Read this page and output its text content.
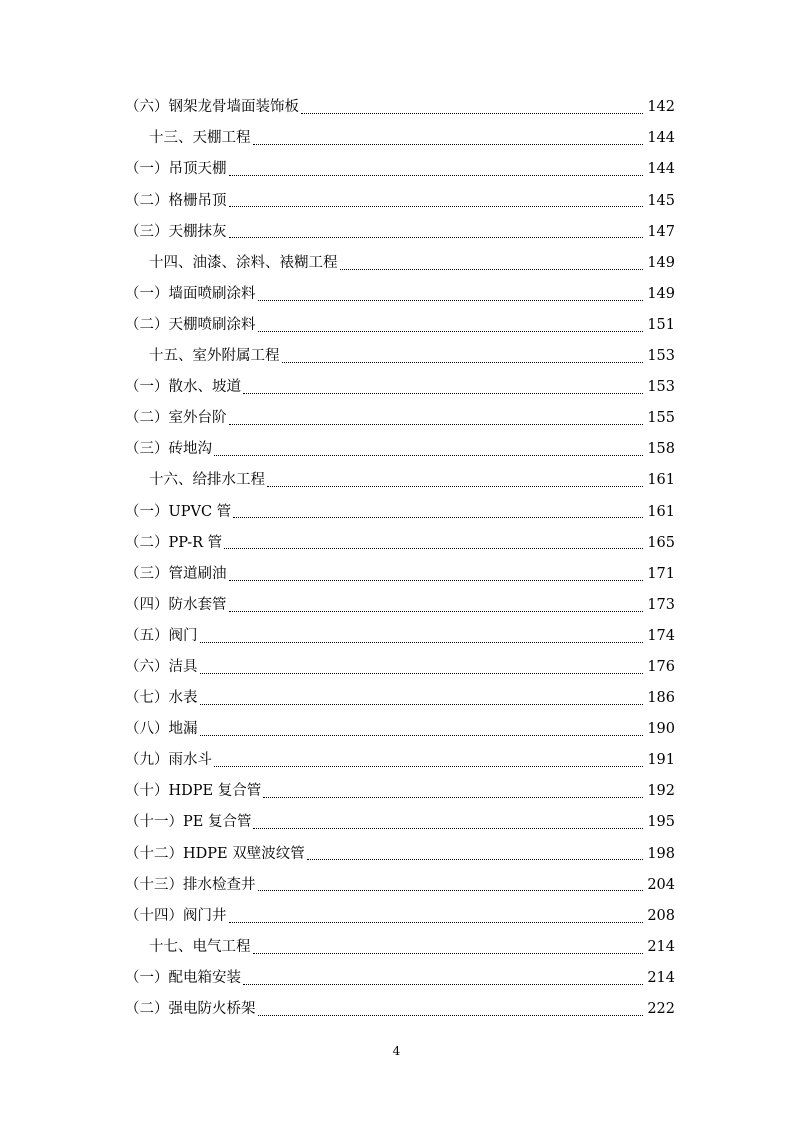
（六）钢架龙骨墙面装饰板	142
十三、天棚工程	144
（一）吊顶天棚	144
（二）格栅吊顶	145
（三）天棚抹灰	147
十四、油漆、涂料、裱糊工程	149
（一）墙面喷刷涂料	149
（二）天棚喷刷涂料	151
十五、室外附属工程	153
（一）散水、坡道	153
（二）室外台阶	155
（三）砖地沟	158
十六、给排水工程	161
（一）UPVC 管	161
（二）PP-R 管	165
（三）管道刷油	171
（四）防水套管	173
（五）阀门	174
（六）洁具	176
（七）水表	186
（八）地漏	190
（九）雨水斗	191
（十）HDPE 复合管	192
（十一）PE 复合管	195
（十二）HDPE 双壁波纹管	198
（十三）排水检查井	204
（十四）阀门井	208
十七、电气工程	214
（一）配电箱安装	214
（二）强电防火桥架	222
4
